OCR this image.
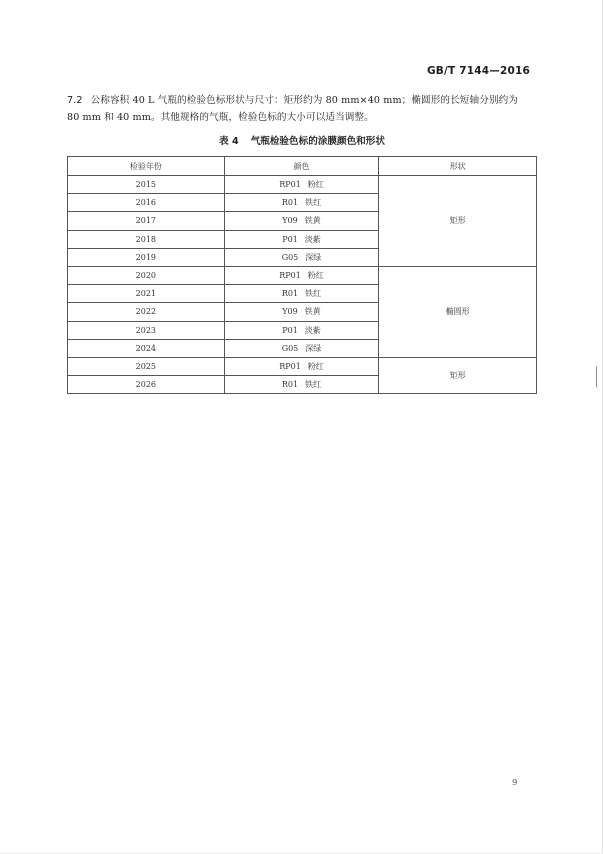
GB/T 7144—2016
7.2 公称容积 40 L 气瓶的检验色标形状与尺寸：矩形约为 80 mm×40 mm；椭圆形的长短轴分别约为
80 mm 和 40 mm。其他规格的气瓶，检验色标的大小可以适当调整。
表 4 气瓶检验色标的涂膜颜色和形状
检验年份	颜色	形状
2015	RP01 粉红	矩形
2016	R01 铁红	
2017	Y09 铁黄	
2018	P01 淡紫	
2019	G05 深绿	
2020	RP01 粉红	椭圆形
2021	R01 铁红	
2022	Y09 铁黄	
2023	P01 淡紫	
2024	G05 深绿	
2025	RP01 粉红	矩形
2026	R01 铁红	
9
